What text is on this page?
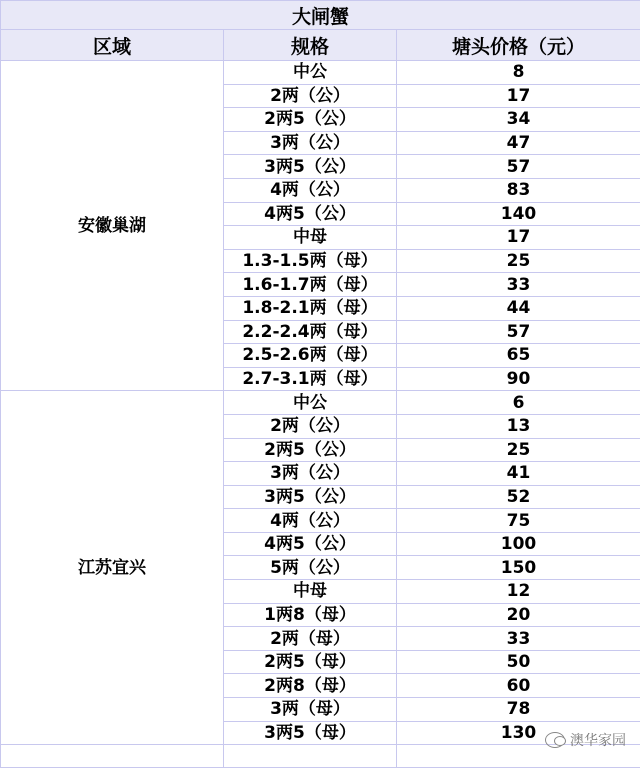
大闸蟹		
区域	规格	塘头价格（元）
安徽巢湖	中公	8
	2两（公）	17
	2两5（公）	34
	3两（公）	47
	3两5（公）	57
	4两（公）	83
	4两5（公）	140
	中母	17
	1.3-1.5两（母）	25
	1.6-1.7两（母）	33
	1.8-2.1两（母）	44
	2.2-2.4两（母）	57
	2.5-2.6两（母）	65
	2.7-3.1两（母）	90
江苏宜兴	中公	6
	2两（公）	13
	2两5（公）	25
	3两（公）	41
	3两5（公）	52
	4两（公）	75
	4两5（公）	100
	5两（公）	150
	中母	12
	1两8（母）	20
	2两（母）	33
	2两5（母）	50
	2两8（母）	60
	3两（母）	78
	3两5（母）	130
		澳华家园
